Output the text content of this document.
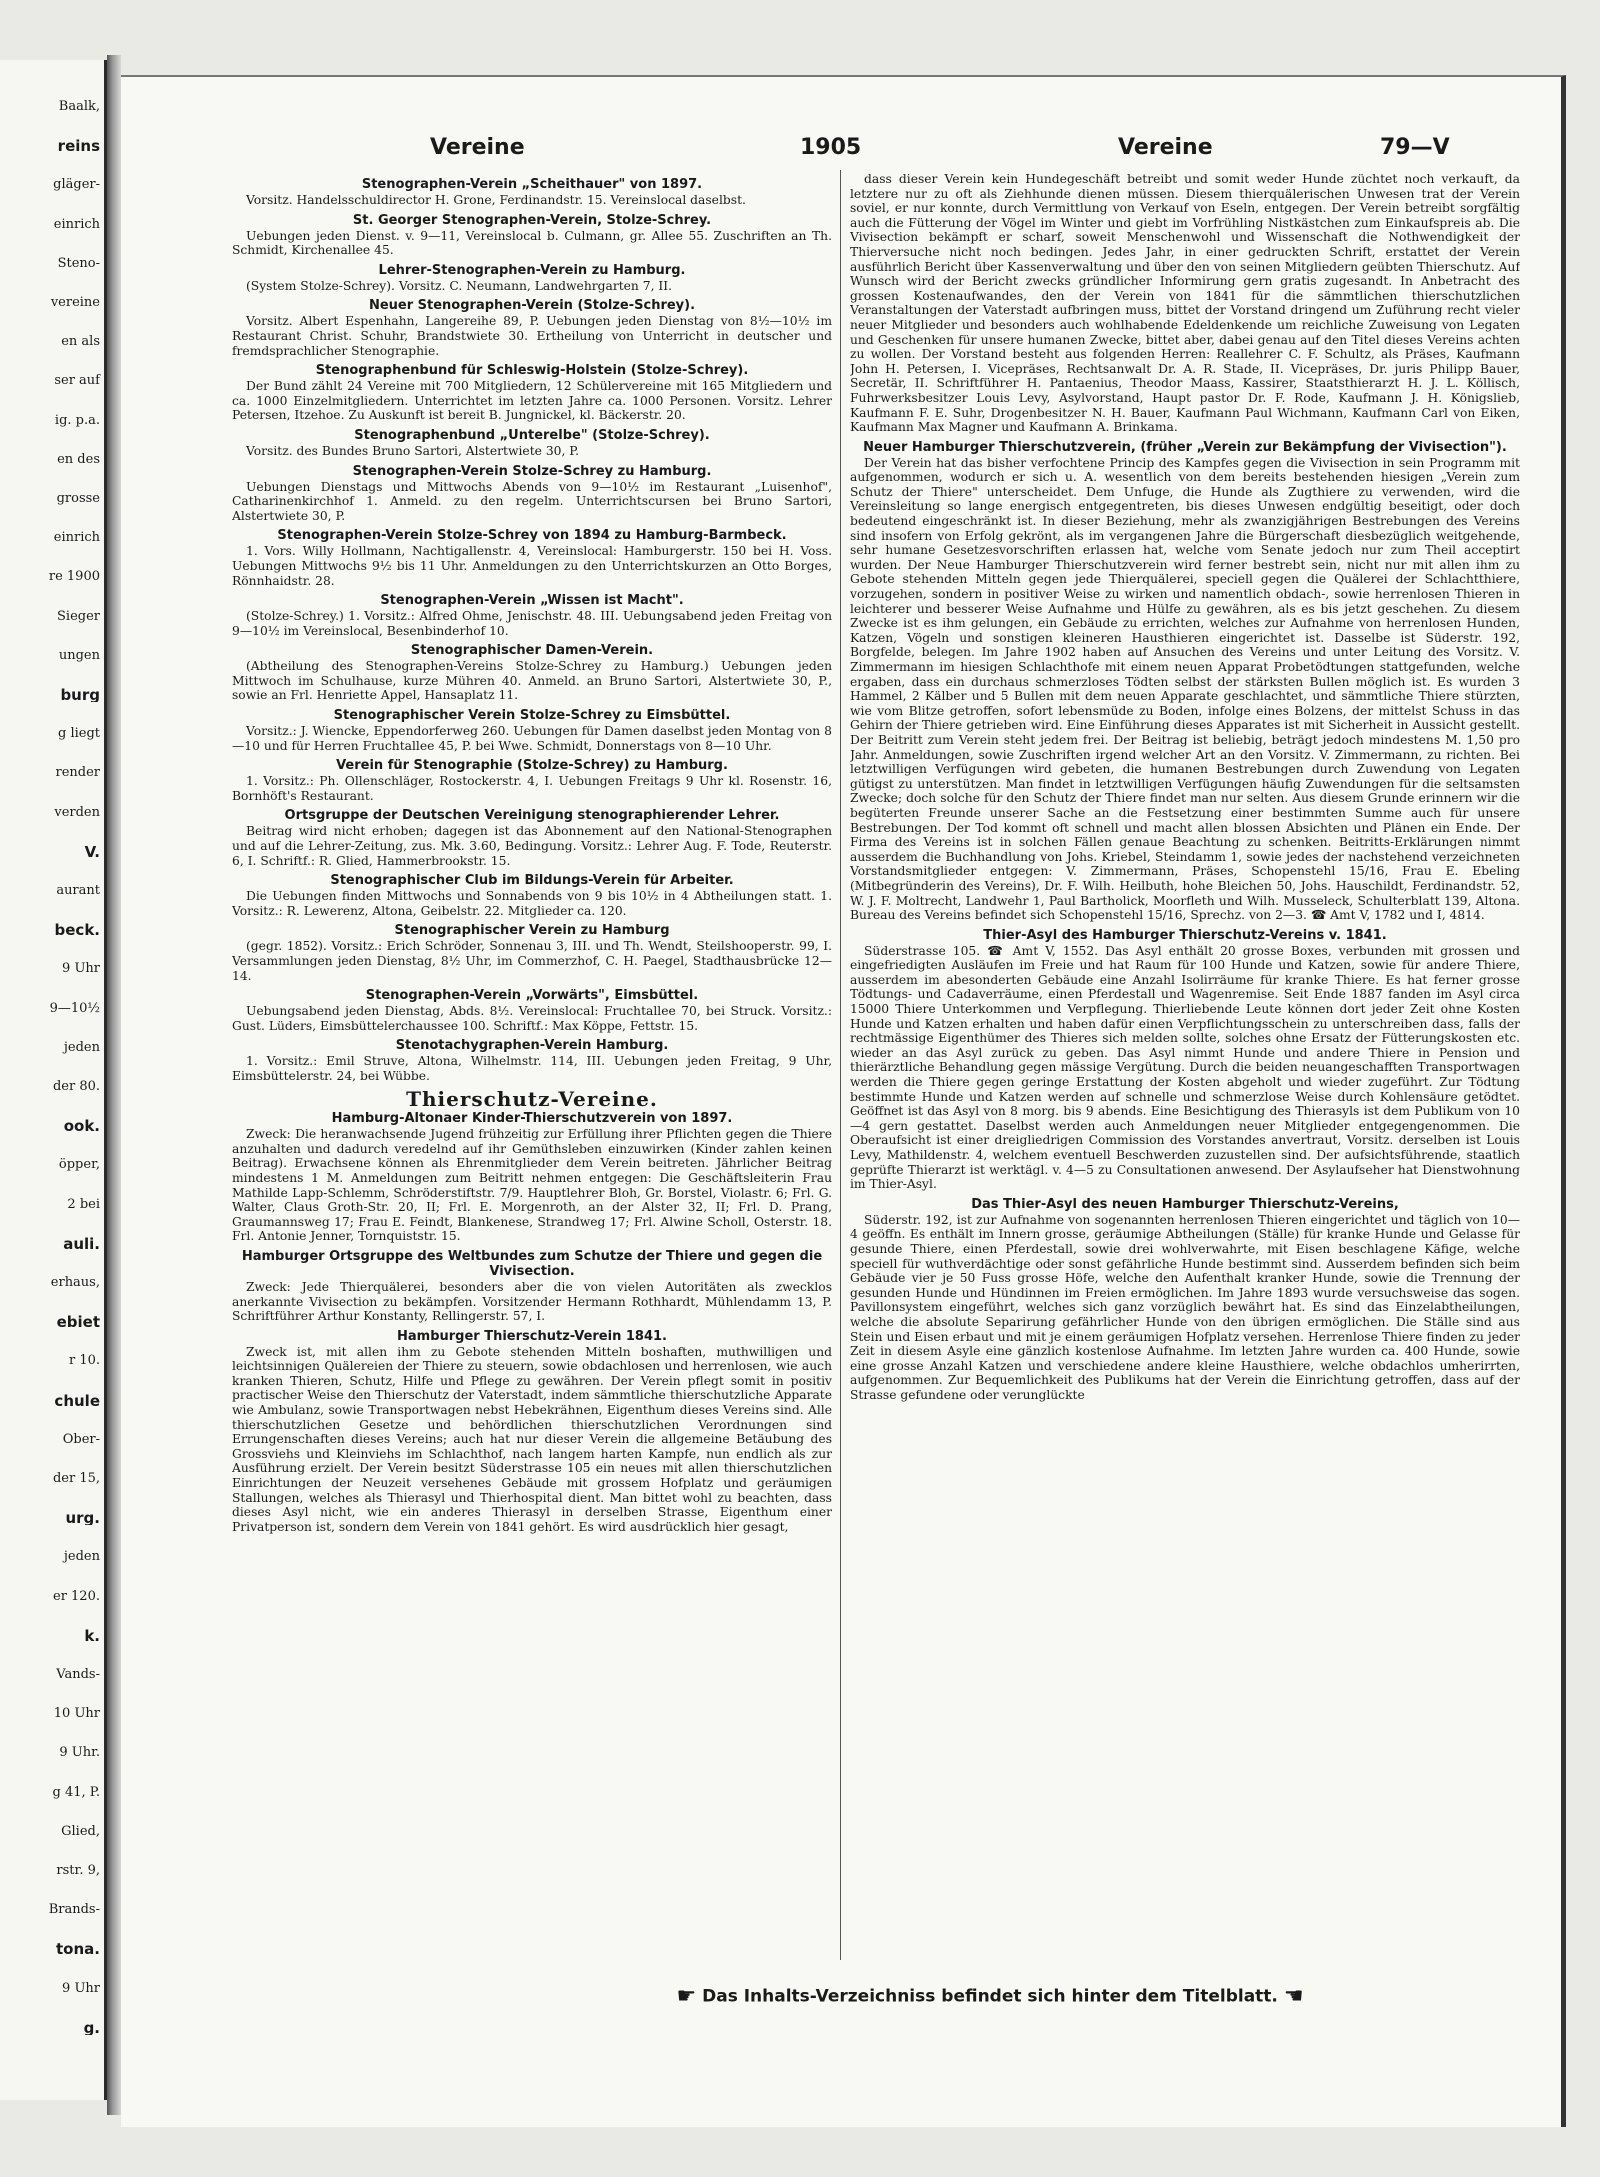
Baalk,
reins
gläger-
einrich
Steno-
vereine
en als
ser auf
ig. p.a.
en des
grosse
einrich
re 1900
Sieger
ungen
burg
g liegt
render
verden
V.
aurant
beck.
9 Uhr
9—10½
jeden
der 80.
ook.
öpper,
2 bei
auli.
erhaus,
ebiet
r 10.
chule
Ober-
der 15,
urg.
jeden
er 120.
k.
Vands-
10 Uhr
9 Uhr.
g 41, P.
Glied,
rstr. 9,
Brands-
tona.
9 Uhr
g.
Vereine	1905	Vereine	79—V
Stenographen-Verein „Scheithauer" von 1897.
Vorsitz. Handelsschuldirector H. Grone, Ferdinandstr. 15. Vereinslocal daselbst.
St. Georger Stenographen-Verein, Stolze-Schrey.
Uebungen jeden Dienst. v. 9—11, Vereinslocal b. Culmann, gr. Allee 55. Zuschriften an Th. Schmidt, Kirchenallee 45.
Lehrer-Stenographen-Verein zu Hamburg.
(System Stolze-Schrey). Vorsitz. C. Neumann, Landwehrgarten 7, II.
Neuer Stenographen-Verein (Stolze-Schrey).
Vorsitz. Albert Espenhahn, Langereihe 89, P. Uebungen jeden Dienstag von 8½—10½ im Restaurant Christ. Schuhr, Brandstwiete 30. Ertheilung von Unterricht in deutscher und fremdsprachlicher Stenographie.
Stenographenbund für Schleswig-Holstein (Stolze-Schrey).
Der Bund zählt 24 Vereine mit 700 Mitgliedern, 12 Schülervereine mit 165 Mitgliedern und ca. 1000 Einzelmitgliedern. Unterrichtet im letzten Jahre ca. 1000 Personen. Vorsitz. Lehrer Petersen, Itzehoe. Zu Auskunft ist bereit B. Jungnickel, kl. Bäckerstr. 20.
Stenographenbund „Unterelbe" (Stolze-Schrey).
Vorsitz. des Bundes Bruno Sartori, Alstertwiete 30, P.
Stenographen-Verein Stolze-Schrey zu Hamburg.
Uebungen Dienstags und Mittwochs Abends von 9—10½ im Restaurant „Luisenhof", Catharinenkirchhof 1. Anmeld. zu den regelm. Unterrichtscursen bei Bruno Sartori, Alstertwiete 30, P.
Stenographen-Verein Stolze-Schrey von 1894 zu Hamburg-Barmbeck.
1. Vors. Willy Hollmann, Nachtigallenstr. 4, Vereinslocal: Hamburgerstr. 150 bei H. Voss. Uebungen Mittwochs 9½ bis 11 Uhr. Anmeldungen zu den Unterrichtskurzen an Otto Borges, Rönnhaidstr. 28.
Stenographen-Verein „Wissen ist Macht".
(Stolze-Schrey.) 1. Vorsitz.: Alfred Ohme, Jenischstr. 48. III. Uebungsabend jeden Freitag von 9—10½ im Vereinslocal, Besenbinderhof 10.
Stenographischer Damen-Verein.
(Abtheilung des Stenographen-Vereins Stolze-Schrey zu Hamburg.) Uebungen jeden Mittwoch im Schulhause, kurze Mühren 40. Anmeld. an Bruno Sartori, Alstertwiete 30, P., sowie an Frl. Henriette Appel, Hansaplatz 11.
Stenographischer Verein Stolze-Schrey zu Eimsbüttel.
Vorsitz.: J. Wiencke, Eppendorferweg 260. Uebungen für Damen daselbst jeden Montag von 8—10 und für Herren Fruchtallee 45, P. bei Wwe. Schmidt, Donnerstags von 8—10 Uhr.
Verein für Stenographie (Stolze-Schrey) zu Hamburg.
1. Vorsitz.: Ph. Ollenschläger, Rostockerstr. 4, I. Uebungen Freitags 9 Uhr kl. Rosenstr. 16, Bornhöft's Restaurant.
Ortsgruppe der Deutschen Vereinigung stenographierender Lehrer.
Beitrag wird nicht erhoben; dagegen ist das Abonnement auf den National-Stenographen und auf die Lehrer-Zeitung, zus. Mk. 3.60, Bedingung. Vorsitz.: Lehrer Aug. F. Tode, Reuterstr. 6, I. Schriftf.: R. Glied, Hammerbrookstr. 15.
Stenographischer Club im Bildungs-Verein für Arbeiter.
Die Uebungen finden Mittwochs und Sonnabends von 9 bis 10½ in 4 Abtheilungen statt. 1. Vorsitz.: R. Lewerenz, Altona, Geibelstr. 22. Mitglieder ca. 120.
Stenographischer Verein zu Hamburg
(gegr. 1852). Vorsitz.: Erich Schröder, Sonnenau 3, III. und Th. Wendt, Steilshooperstr. 99, I. Versammlungen jeden Dienstag, 8½ Uhr, im Commerzhof, C. H. Paegel, Stadthausbrücke 12—14.
Stenographen-Verein „Vorwärts", Eimsbüttel.
Uebungsabend jeden Dienstag, Abds. 8½. Vereinslocal: Fruchtallee 70, bei Struck. Vorsitz.: Gust. Lüders, Eimsbüttelerchaussee 100. Schriftf.: Max Köppe, Fettstr. 15.
Stenotachygraphen-Verein Hamburg.
1. Vorsitz.: Emil Struve, Altona, Wilhelmstr. 114, III. Uebungen jeden Freitag, 9 Uhr, Eimsbüttelerstr. 24, bei Wübbe.
Thierschutz-Vereine.
Hamburg-Altonaer Kinder-Thierschutzverein von 1897.
Zweck: Die heranwachsende Jugend frühzeitig zur Erfüllung ihrer Pflichten gegen die Thiere anzuhalten und dadurch veredelnd auf ihr Gemüthsleben einzuwirken (Kinder zahlen keinen Beitrag). Erwachsene können als Ehrenmitglieder dem Verein beitreten. Jährlicher Beitrag mindestens 1 M. Anmeldungen zum Beitritt nehmen entgegen: Die Geschäftsleiterin Frau Mathilde Lapp-Schlemm, Schröderstiftstr. 7/9. Hauptlehrer Bloh, Gr. Borstel, Violastr. 6; Frl. G. Walter, Claus Groth-Str. 20, II; Frl. E. Morgenroth, an der Alster 32, II; Frl. D. Prang, Graumannsweg 17; Frau E. Feindt, Blankenese, Strandweg 17; Frl. Alwine Scholl, Osterstr. 18. Frl. Antonie Jenner, Tornquiststr. 15.
Hamburger Ortsgruppe des Weltbundes zum Schutze der Thiere und gegen die Vivisection.
Zweck: Jede Thierquälerei, besonders aber die von vielen Autoritäten als zwecklos anerkannte Vivisection zu bekämpfen. Vorsitzender Hermann Rothhardt, Mühlendamm 13, P. Schriftführer Arthur Konstanty, Rellingerstr. 57, I.
Hamburger Thierschutz-Verein 1841.
Zweck ist, mit allen ihm zu Gebote stehenden Mitteln boshaften, muthwilligen und leichtsinnigen Quälereien der Thiere zu steuern, sowie obdachlosen und herrenlosen, wie auch kranken Thieren, Schutz, Hilfe und Pflege zu gewähren. Der Verein pflegt somit in positiv practischer Weise den Thierschutz der Vaterstadt, indem sämmtliche thierschutzliche Apparate wie Ambulanz, sowie Transportwagen nebst Hebekrähnen, Eigenthum dieses Vereins sind. Alle thierschutzlichen Gesetze und behördlichen thierschutzlichen Verordnungen sind Errungenschaften dieses Vereins; auch hat nur dieser Verein die allgemeine Betäubung des Grossviehs und Kleinviehs im Schlachthof, nach langem harten Kampfe, nun endlich als zur Ausführung erzielt. Der Verein besitzt Süderstrasse 105 ein neues mit allen thierschutzlichen Einrichtungen der Neuzeit versehenes Gebäude mit grossem Hofplatz und geräumigen Stallungen, welches als Thierasyl und Thierhospital dient. Man bittet wohl zu beachten, dass dieses Asyl nicht, wie ein anderes Thierasyl in derselben Strasse, Eigenthum einer Privatperson ist, sondern dem Verein von 1841 gehört. Es wird ausdrücklich hier gesagt,
dass dieser Verein kein Hundegeschäft betreibt und somit weder Hunde züchtet noch verkauft, da letztere nur zu oft als Ziehhunde dienen müssen. Diesem thierquälerischen Unwesen trat der Verein soviel, er nur konnte, durch Vermittlung von Verkauf von Eseln, entgegen. Der Verein betreibt sorgfältig auch die Fütterung der Vögel im Winter und giebt im Vorfrühling Nistkästchen zum Einkaufspreis ab. Die Vivisection bekämpft er scharf, soweit Menschenwohl und Wissenschaft die Nothwendigkeit der Thierversuche nicht noch bedingen. Jedes Jahr, in einer gedruckten Schrift, erstattet der Verein ausführlich Bericht über Kassenverwaltung und über den von seinen Mitgliedern geübten Thierschutz. Auf Wunsch wird der Bericht zwecks gründlicher Informirung gern gratis zugesandt. In Anbetracht des grossen Kostenaufwandes, den der Verein von 1841 für die sämmtlichen thierschutzlichen Veranstaltungen der Vaterstadt aufbringen muss, bittet der Vorstand dringend um Zuführung recht vieler neuer Mitglieder und besonders auch wohlhabende Edeldenkende um reichliche Zuweisung von Legaten und Geschenken für unsere humanen Zwecke, bittet aber, dabei genau auf den Titel dieses Vereins achten zu wollen. Der Vorstand besteht aus folgenden Herren: Reallehrer C. F. Schultz, als Präses, Kaufmann John H. Petersen, I. Vicepräses, Rechtsanwalt Dr. A. R. Stade, II. Vicepräses, Dr. juris Philipp Bauer, Secretär, II. Schriftführer H. Pantaenius, Theodor Maass, Kassirer, Staatsthierarzt H. J. L. Köllisch, Fuhrwerksbesitzer Louis Levy, Asylvorstand, Haupt pastor Dr. F. Rode, Kaufmann J. H. Königslieb, Kaufmann F. E. Suhr, Drogenbesitzer N. H. Bauer, Kaufmann Paul Wichmann, Kaufmann Carl von Eiken, Kaufmann Max Magner und Kaufmann A. Brinkama.
Neuer Hamburger Thierschutzverein, (früher „Verein zur Bekämpfung der Vivisection").
Der Verein hat das bisher verfochtene Princip des Kampfes gegen die Vivisection in sein Programm mit aufgenommen, wodurch er sich u. A. wesentlich von dem bereits bestehenden hiesigen „Verein zum Schutz der Thiere" unterscheidet. Dem Unfuge, die Hunde als Zugthiere zu verwenden, wird die Vereinsleitung so lange energisch entgegentreten, bis dieses Unwesen endgültig beseitigt, oder doch bedeutend eingeschränkt ist. In dieser Beziehung, mehr als zwanzigjährigen Bestrebungen des Vereins sind insofern von Erfolg gekrönt, als im vergangenen Jahre die Bürgerschaft diesbezüglich weitgehende, sehr humane Gesetzesvorschriften erlassen hat, welche vom Senate jedoch nur zum Theil acceptirt wurden. Der Neue Hamburger Thierschutzverein wird ferner bestrebt sein, nicht nur mit allen ihm zu Gebote stehenden Mitteln gegen jede Thierquälerei, speciell gegen die Quälerei der Schlachtthiere, vorzugehen, sondern in positiver Weise zu wirken und namentlich obdach-, sowie herrenlosen Thieren in leichterer und besserer Weise Aufnahme und Hülfe zu gewähren, als es bis jetzt geschehen. Zu diesem Zwecke ist es ihm gelungen, ein Gebäude zu errichten, welches zur Aufnahme von herrenlosen Hunden, Katzen, Vögeln und sonstigen kleineren Hausthieren eingerichtet ist. Dasselbe ist Süderstr. 192, Borgfelde, belegen. Im Jahre 1902 haben auf Ansuchen des Vereins und unter Leitung des Vorsitz. V. Zimmermann im hiesigen Schlachthofe mit einem neuen Apparat Probetödtungen stattgefunden, welche ergaben, dass ein durchaus schmerzloses Tödten selbst der stärksten Bullen möglich ist. Es wurden 3 Hammel, 2 Kälber und 5 Bullen mit dem neuen Apparate geschlachtet, und sämmtliche Thiere stürzten, wie vom Blitze getroffen, sofort lebensmüde zu Boden, infolge eines Bolzens, der mittelst Schuss in das Gehirn der Thiere getrieben wird. Eine Einführung dieses Apparates ist mit Sicherheit in Aussicht gestellt. Der Beitritt zum Verein steht jedem frei. Der Beitrag ist beliebig, beträgt jedoch mindestens M. 1,50 pro Jahr. Anmeldungen, sowie Zuschriften irgend welcher Art an den Vorsitz. V. Zimmermann, zu richten. Bei letztwilligen Verfügungen wird gebeten, die humanen Bestrebungen durch Zuwendung von Legaten gütigst zu unterstützen. Man findet in letztwilligen Verfügungen häufig Zuwendungen für die seltsamsten Zwecke; doch solche für den Schutz der Thiere findet man nur selten. Aus diesem Grunde erinnern wir die begüterten Freunde unserer Sache an die Festsetzung einer bestimmten Summe auch für unsere Bestrebungen. Der Tod kommt oft schnell und macht allen blossen Absichten und Plänen ein Ende. Der Firma des Vereins ist in solchen Fällen genaue Beachtung zu schenken. Beitritts-Erklärungen nimmt ausserdem die Buchhandlung von Johs. Kriebel, Steindamm 1, sowie jedes der nachstehend verzeichneten Vorstandsmitglieder entgegen: V. Zimmermann, Präses, Schopenstehl 15/16, Frau E. Ebeling (Mitbegründerin des Vereins), Dr. F. Wilh. Heilbuth, hohe Bleichen 50, Johs. Hauschildt, Ferdinandstr. 52, W. J. F. Moltrecht, Landwehr 1, Paul Bartholick, Moorfleth und Wilh. Musseleck, Schulterblatt 139, Altona. Bureau des Vereins befindet sich Schopenstehl 15/16, Sprechz. von 2—3. ☎ Amt V, 1782 und I, 4814.
Thier-Asyl des Hamburger Thierschutz-Vereins v. 1841.
Süderstrasse 105. ☎ Amt V, 1552. Das Asyl enthält 20 grosse Boxes, verbunden mit grossen und eingefriedigten Ausläufen im Freie und hat Raum für 100 Hunde und Katzen, sowie für andere Thiere, ausserdem im abesonderten Gebäude eine Anzahl Isolirräume für kranke Thiere. Es hat ferner grosse Tödtungs- und Cadaverräume, einen Pferdestall und Wagenremise. Seit Ende 1887 fanden im Asyl circa 15000 Thiere Unterkommen und Verpflegung. Thierliebende Leute können dort jeder Zeit ohne Kosten Hunde und Katzen erhalten und haben dafür einen Verpflichtungsschein zu unterschreiben dass, falls der rechtmässige Eigenthümer des Thieres sich melden sollte, solches ohne Ersatz der Fütterungskosten etc. wieder an das Asyl zurück zu geben. Das Asyl nimmt Hunde und andere Thiere in Pension und thierärztliche Behandlung gegen mässige Vergütung. Durch die beiden neuangeschafften Transportwagen werden die Thiere gegen geringe Erstattung der Kosten abgeholt und wieder zugeführt. Zur Tödtung bestimmte Hunde und Katzen werden auf schnelle und schmerzlose Weise durch Kohlensäure getödtet. Geöffnet ist das Asyl von 8 morg. bis 9 abends. Eine Besichtigung des Thierasyls ist dem Publikum von 10—4 gern gestattet. Daselbst werden auch Anmeldungen neuer Mitglieder entgegengenommen. Die Oberaufsicht ist einer dreigliedrigen Commission des Vorstandes anvertraut, Vorsitz. derselben ist Louis Levy, Mathildenstr. 4, welchem eventuell Beschwerden zuzustellen sind. Der aufsichtsführende, staatlich geprüfte Thierarzt ist werktägl. v. 4—5 zu Consultationen anwesend. Der Asylaufseher hat Dienstwohnung im Thier-Asyl.
Das Thier-Asyl des neuen Hamburger Thierschutz-Vereins,
Süderstr. 192, ist zur Aufnahme von sogenannten herrenlosen Thieren eingerichtet und täglich von 10—4 geöffn. Es enthält im Innern grosse, geräumige Abtheilungen (Ställe) für kranke Hunde und Gelasse für gesunde Thiere, einen Pferdestall, sowie drei wohlverwahrte, mit Eisen beschlagene Käfige, welche speciell für wuthverdächtige oder sonst gefährliche Hunde bestimmt sind. Ausserdem befinden sich beim Gebäude vier je 50 Fuss grosse Höfe, welche den Aufenthalt kranker Hunde, sowie die Trennung der gesunden Hunde und Hündinnen im Freien ermöglichen. Im Jahre 1893 wurde versuchsweise das sogen. Pavillonsystem eingeführt, welches sich ganz vorzüglich bewährt hat. Es sind das Einzelabtheilungen, welche die absolute Separirung gefährlicher Hunde von den übrigen ermöglichen. Die Ställe sind aus Stein und Eisen erbaut und mit je einem geräumigen Hofplatz versehen. Herrenlose Thiere finden zu jeder Zeit in diesem Asyle eine gänzlich kostenlose Aufnahme. Im letzten Jahre wurden ca. 400 Hunde, sowie eine grosse Anzahl Katzen und verschiedene andere kleine Hausthiere, welche obdachlos umherirrten, aufgenommen. Zur Bequemlichkeit des Publikums hat der Verein die Einrichtung getroffen, dass auf der Strasse gefundene oder verunglückte
☛ Das Inhalts-Verzeichniss befindet sich hinter dem Titelblatt. ☚
